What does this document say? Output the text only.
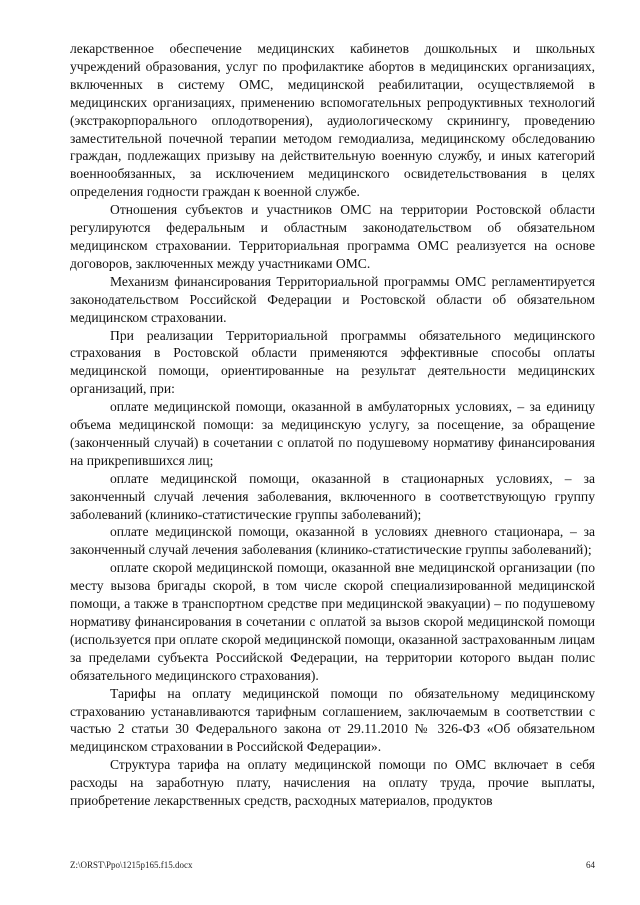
лекарственное обеспечение медицинских кабинетов дошкольных и школьных учреждений образования, услуг по профилактике абортов в медицинских организациях, включенных в систему ОМС, медицинской реабилитации, осуществляемой в медицинских организациях, применению вспомогательных репродуктивных технологий (экстракорпорального оплодотворения), аудиологическому скринингу, проведению заместительной почечной терапии методом гемодиализа, медицинскому обследованию граждан, подлежащих призыву на действительную военную службу, и иных категорий военнообязанных, за исключением медицинского освидетельствования в целях определения годности граждан к военной службе.

Отношения субъектов и участников ОМС на территории Ростовской области регулируются федеральным и областным законодательством об обязательном медицинском страховании. Территориальная программа ОМС реализуется на основе договоров, заключенных между участниками ОМС.

Механизм финансирования Территориальной программы ОМС регламентируется законодательством Российской Федерации и Ростовской области об обязательном медицинском страховании.

При реализации Территориальной программы обязательного медицинского страхования в Ростовской области применяются эффективные способы оплаты медицинской помощи, ориентированные на результат деятельности медицинских организаций, при:

оплате медицинской помощи, оказанной в амбулаторных условиях, – за единицу объема медицинской помощи: за медицинскую услугу, за посещение, за обращение (законченный случай) в сочетании с оплатой по подушевому нормативу финансирования на прикрепившихся лиц;

оплате медицинской помощи, оказанной в стационарных условиях, – за законченный случай лечения заболевания, включенного в соответствующую группу заболеваний (клинико-статистические группы заболеваний);

оплате медицинской помощи, оказанной в условиях дневного стационара, – за законченный случай лечения заболевания (клинико-статистические группы заболеваний);

оплате скорой медицинской помощи, оказанной вне медицинской организации (по месту вызова бригады скорой, в том числе скорой специализированной медицинской помощи, а также в транспортном средстве при медицинской эвакуации) – по подушевому нормативу финансирования в сочетании с оплатой за вызов скорой медицинской помощи (используется при оплате скорой медицинской помощи, оказанной застрахованным лицам за пределами субъекта Российской Федерации, на территории которого выдан полис обязательного медицинского страхования).

Тарифы на оплату медицинской помощи по обязательному медицинскому страхованию устанавливаются тарифным соглашением, заключаемым в соответствии с частью 2 статьи 30 Федерального закона от 29.11.2010 № 326-ФЗ «Об обязательном медицинском страховании в Российской Федерации».

Структура тарифа на оплату медицинской помощи по ОМС включает в себя расходы на заработную плату, начисления на оплату труда, прочие выплаты, приобретение лекарственных средств, расходных материалов, продуктов

Z:\ORST\Ppo\1215p165.f15.docx	64
